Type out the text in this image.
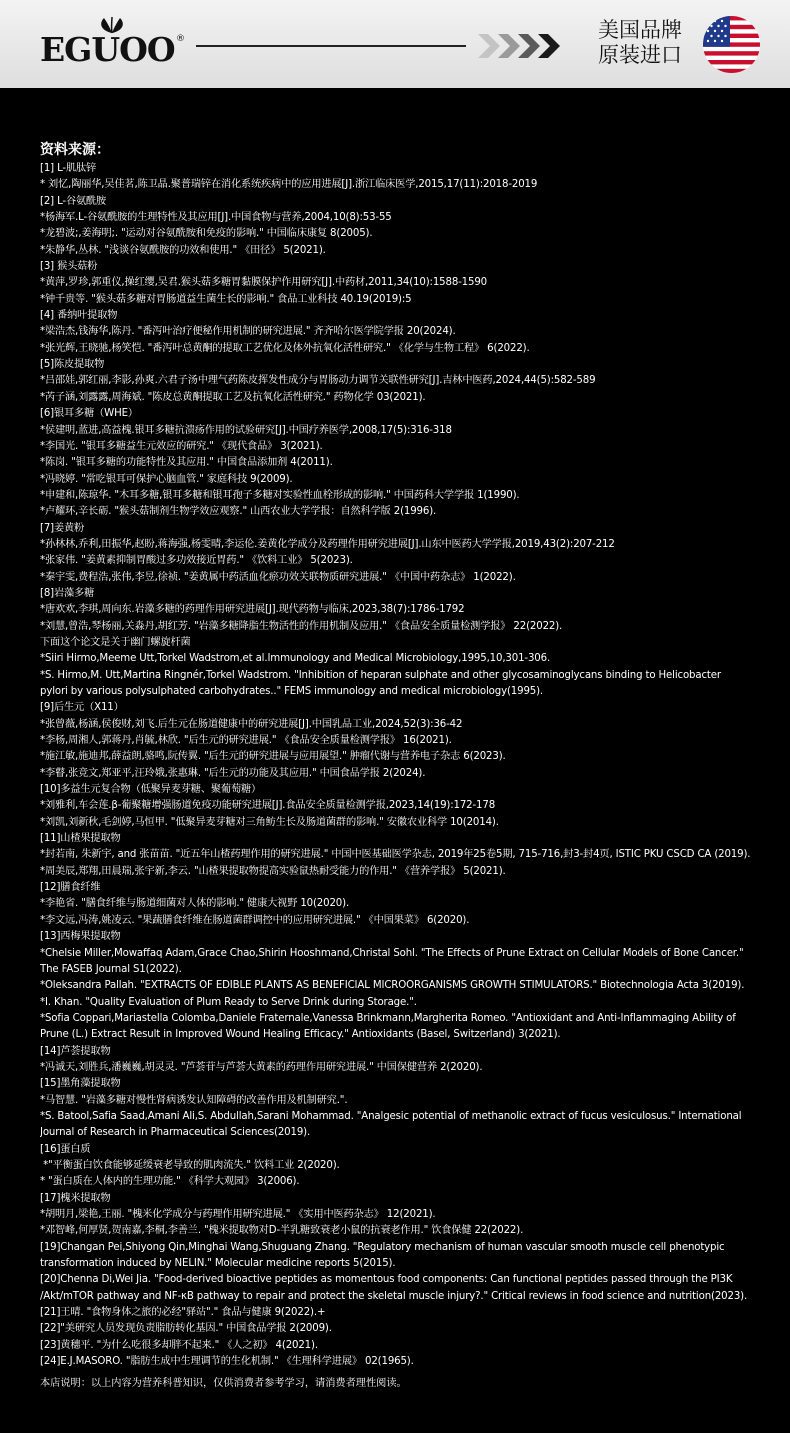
EGUOO ®	美国品牌
原装进口
资料来源：
[1] L-肌肽锌
* 刘忆,陶丽华,吴佳茗,陈卫晶.聚普瑞锌在消化系统疾病中的应用进展[J].浙江临床医学,2015,17(11):2018-2019
[2] L-谷氨酰胺
*杨海军.L-谷氨酰胺的生理特性及其应用[J].中国食物与营养,2004,10(8):53-55
*龙碧波;,姜海明;. "运动对谷氨酰胺和免疫的影响." 中国临床康复 8(2005).
*朱静华,丛林. "浅谈谷氨酰胺的功效和使用." 《田径》 5(2021).
[3] 猴头菇粉
*黄萍,罗珍,郭重仪,操红缨,吴君.猴头菇多糖胃黏膜保护作用研究[J].中药材,2011,34(10):1588-1590
*钟千贵等. "猴头菇多糖对胃肠道益生菌生长的影响." 食品工业科技 40.19(2019):5
[4] 番纳叶提取物
*梁浩杰,钱海华,陈丹. "番泻叶治疗便秘作用机制的研究进展." 齐齐哈尔医学院学报 20(2024).
*张光辉,王晓驰,杨笑恺. "番泻叶总黄酮的提取工艺优化及体外抗氧化活性研究." 《化学与生物工程》 6(2022).
[5]陈皮提取物
*吕邵娃,郭红丽,李影,孙爽.六君子汤中理气药陈皮挥发性成分与胃肠动力调节关联性研究[J].吉林中医药,2024,44(5):582-589
*芮子涵,刘露露,周海斌. "陈皮总黄酮提取工艺及抗氧化活性研究." 药物化学 03(2021).
[6]银耳多糖（WHE）
*侯建明,蓝进,高益槐.银耳多糖抗溃疡作用的试验研究[J].中国疗养医学,2008,17(5):316-318
*李国光. "银耳多糖益生元效应的研究." 《现代食品》 3(2021).
*陈岗. "银耳多糖的功能特性及其应用." 中国食品添加剂 4(2011).
*冯晓婷. "常吃银耳可保护心脑血管." 家庭科技 9(2009).
*申建和,陈琼华. "木耳多糖,银耳多糖和银耳孢子多糖对实验性血栓形成的影响." 中国药科大学学报 1(1990).
*卢耀环,辛长砺. "猴头菇制剂生物学效应观察." 山西农业大学学报：自然科学版 2(1996).
[7]姜黄粉
*孙林林,乔利,田振华,赵盼,蒋海强,杨雯晴,李运伦.姜黄化学成分及药理作用研究进展[J].山东中医药大学学报,2019,43(2):207-212
*张家伟. "姜黄素抑制胃酸过多功效接近胃药." 《饮料工业》 5(2023).
*秦宇雯,费程浩,张伟,李昱,徐祯. "姜黄属中药活血化瘀功效关联物质研究进展." 《中国中药杂志》 1(2022).
[8]岩藻多糖
*唐欢欢,李琪,周向东.岩藻多糖的药理作用研究进展[J].现代药物与临床,2023,38(7):1786-1792
*刘慧,曾浩,琴杨丽,关淼丹,胡红芳. "岩藻多糖降脂生物活性的作用机制及应用." 《食品安全质量检测学报》 22(2022).
下面这个论文是关于幽门螺旋杆菌
*Siiri Hirmo,Meeme Utt,Torkel Wadstrom,et al.Immunology and Medical Microbiology,1995,10,301-306.
*S. Hirmo,M. Utt,Martina Ringnér,Torkel Wadstrom. "Inhibition of heparan sulphate and other glycosaminoglycans binding to Helicobacter
pylori by various polysulphated carbohydrates.." FEMS immunology and medical microbiology(1995).
[9]后生元（X11）
*张曾薇,杨涵,侯俊财,刘飞.后生元在肠道健康中的研究进展[J].中国乳品工业,2024,52(3):36-42
*李杨,周湘人,郭蒋丹,肖毓,林欣. "后生元的研究进展." 《食品安全质量检测学报》 16(2021).
*施江敏,施迪邦,薛益朗,骆鸣,阮传翼. "后生元的研究进展与应用展望." 肿瘤代谢与营养电子杂志 6(2023).
*李瞽,张竞文,郑亚平,汪玲娥,张惠琳. "后生元的功能及其应用." 中国食品学报 2(2024).
[10]多益生元复合物（低聚异麦芽糖、聚葡萄糖）
*刘雅利,车会莲.β-葡聚糖增强肠道免疫功能研究进展[J].食品安全质量检测学报,2023,14(19):172-178
*刘凯,刘新秋,毛剑婷,马恒甲. "低聚异麦芽糖对三角鲂生长及肠道菌群的影响." 安徽农业科学 10(2014).
[11]山楂果提取物
*封若南, 朱新宇, and 张苗苗. "近五年山楂药理作用的研究进展." 中国中医基础医学杂志, 2019年25卷5期, 715-716,封3-封4页, ISTIC PKU CSCD CA (2019).
*周美辰,郑翔,田晨瑞,张宇新,李云. "山楂果提取物提高实验鼠热耐受能力的作用." 《营养学报》 5(2021).
[12]膳食纤维
*李艳省. "膳食纤维与肠道细菌对人体的影响." 健康大视野 10(2020).
*李文远,冯涛,姚凌云. "果蔬膳食纤维在肠道菌群调控中的应用研究进展." 《中国果菜》 6(2020).
[13]西梅果提取物
*Chelsie Miller,Mowaffaq Adam,Grace Chao,Shirin Hooshmand,Christal Sohl. "The Effects of Prune Extract on Cellular Models of Bone Cancer."
The FASEB Journal S1(2022).
*Oleksandra Pallah. "EXTRACTS OF EDIBLE PLANTS AS BENEFICIAL MICROORGANISMS GROWTH STIMULATORS." Biotechnologia Acta 3(2019).
*I. Khan. "Quality Evaluation of Plum Ready to Serve Drink during Storage.".
*Sofia Coppari,Mariastella Colomba,Daniele Fraternale,Vanessa Brinkmann,Margherita Romeo. "Antioxidant and Anti-Inflammaging Ability of
Prune (L.) Extract Result in Improved Wound Healing Efficacy." Antioxidants (Basel, Switzerland) 3(2021).
[14]芦荟提取物
*冯诚天,刘胜兵,潘巍巍,胡灵灵. "芦荟苷与芦荟大黄素的药理作用研究进展." 中国保健营养 2(2020).
[15]墨角藻提取物
*马智慧. "岩藻多糖对慢性肾病诱发认知障碍的改善作用及机制研究.".
*S. Batool,Safia Saad,Amani Ali,S. Abdullah,Sarani Mohammad. "Analgesic potential of methanolic extract of fucus vesiculosus." International
Journal of Research in Pharmaceutical Sciences(2019).
[16]蛋白质
*"平衡蛋白饮食能够延缓衰老导致的肌肉流失." 饮料工业 2(2020).
* "蛋白质在人体内的生理功能." 《科学大观园》 3(2006).
[17]槐米提取物
*胡明月,梁艳,王丽. "槐米化学成分与药理作用研究进展." 《实用中医药杂志》 12(2021).
*邓智峰,何厚贤,贺南嘉,李桐,李善兰. "槐米提取物对D-半乳糖致衰老小鼠的抗衰老作用." 饮食保健 22(2022).
[19]Changan Pei,Shiyong Qin,Minghai Wang,Shuguang Zhang. "Regulatory mechanism of human vascular smooth muscle cell phenotypic
transformation induced by NELIN." Molecular medicine reports 5(2015).
[20]Chenna Di,Wei Jia. "Food-derived bioactive peptides as momentous food components: Can functional peptides passed through the PI3K
/Akt/mTOR pathway and NF-κB pathway to repair and protect the skeletal muscle injury?." Critical reviews in food science and nutrition(2023).
[21]王晴. "食物身体之旅的必经"驿站"." 食品与健康 9(2022).+
[22]"美研究人员发现负责脂肪转化基因." 中国食品学报 2(2009).
[23]黄穗平. "为什么吃很多却胖不起来." 《人之初》 4(2021).
[24]E.J.MASORO. "脂肪生成中生理调节的生化机制." 《生理科学进展》 02(1965).
本店说明：以上内容为营养科普知识，仅供消费者参考学习，请消费者理性阅读。
